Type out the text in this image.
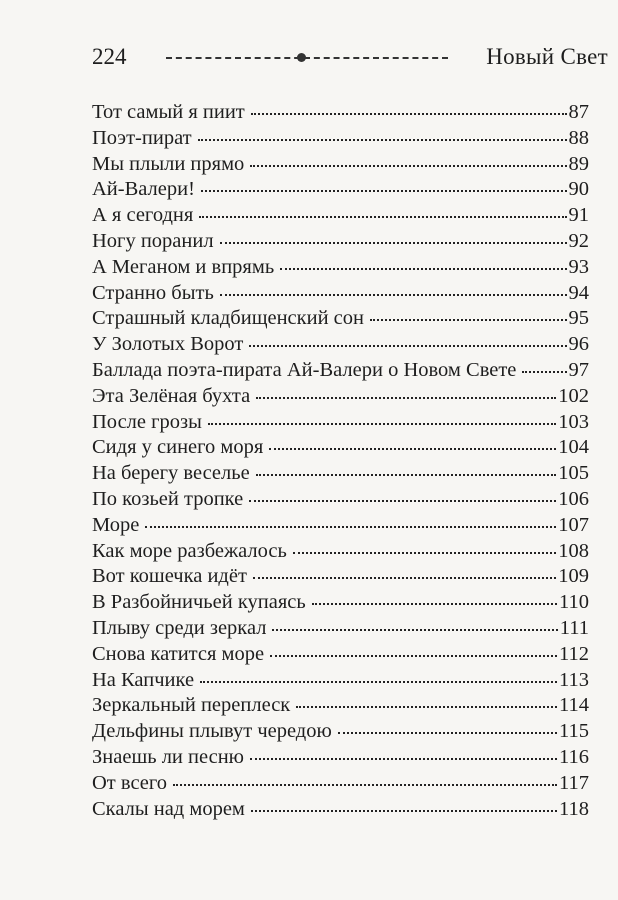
224	Новый Свет
Тот самый я пиит	87
Поэт-пират	88
Мы плыли прямо	89
Ай-Валери!	90
А я сегодня	91
Ногу поранил	92
А Меганом и впрямь	93
Странно быть	94
Страшный кладбищенский сон	95
У Золотых Ворот	96
Баллада поэта-пирата Ай-Валери о Новом Свете	97
Эта Зелёная бухта	102
После грозы	103
Сидя у синего моря	104
На берегу веселье	105
По козьей тропке	106
Море	107
Как море разбежалось	108
Вот кошечка идёт	109
В Разбойничьей купаясь	110
Плыву среди зеркал	111
Снова катится море	112
На Капчике	113
Зеркальный переплеск	114
Дельфины плывут чередою	115
Знаешь ли песню	116
От всего	117
Скалы над морем	118
